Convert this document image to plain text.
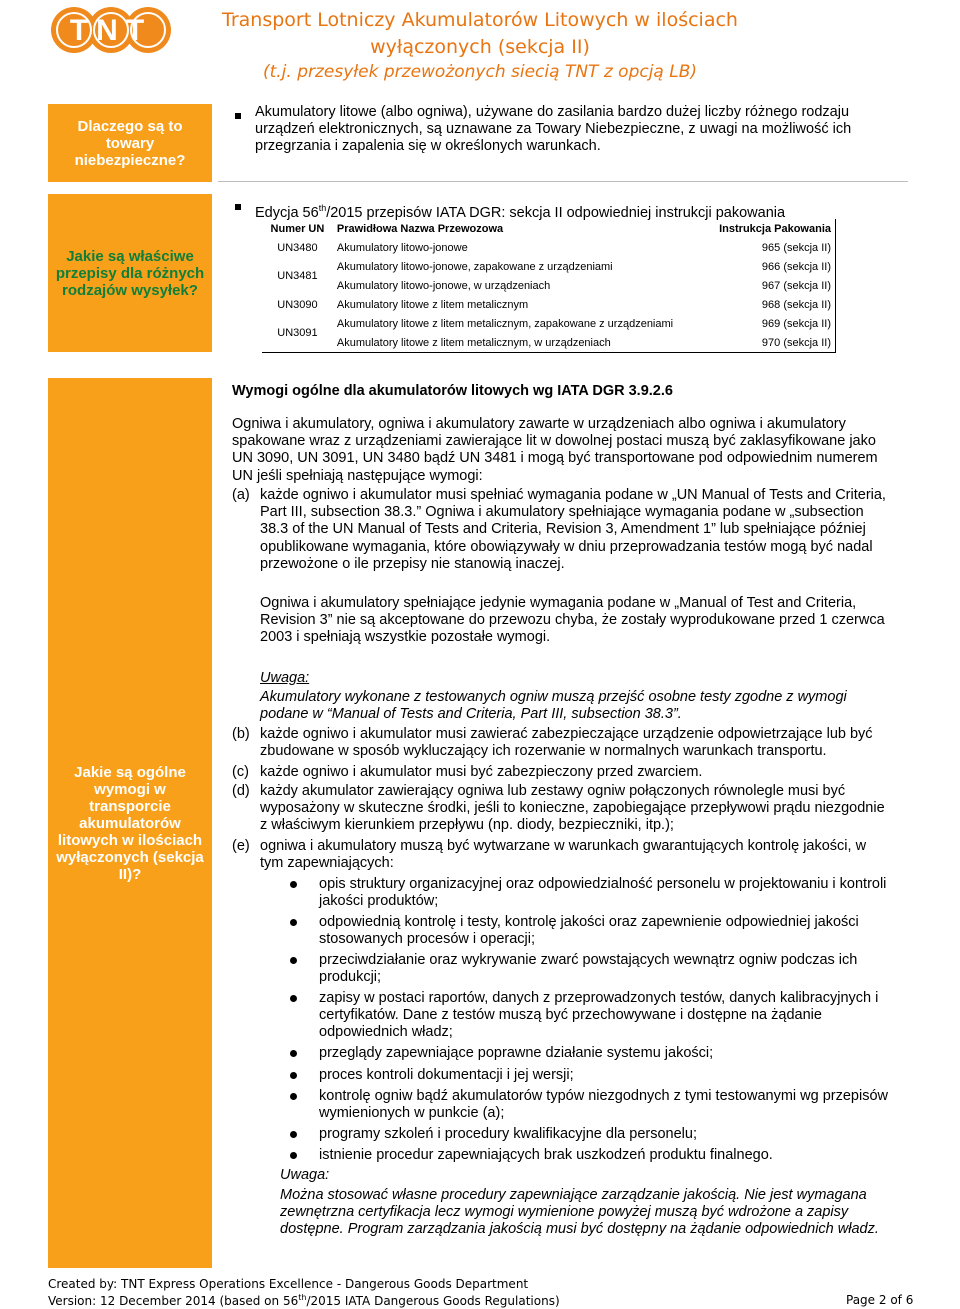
TNT	Transport Lotniczy Akumulatorów Litowych w ilościach
wyłączonych (sekcja II)
(t.j. przesyłek przewożonych siecią TNT z opcją LB)
Dlaczego są to towary niebezpieczne?
Akumulatory litowe (albo ogniwa), używane do zasilania bardzo dużej liczby różnego rodzaju urządzeń elektronicznych, są uznawane za Towary Niebezpieczne, z uwagi na możliwość ich przegrzania i zapalenia się w określonych warunkach.
Jakie są właściwe przepisy dla różnych rodzajów wysyłek?
Edycja 56th/2015 przepisów IATA DGR: sekcja II odpowiedniej instrukcji pakowania
Numer UN	Prawidłowa Nazwa Przewozowa	Instrukcja Pakowania
UN3480	Akumulatory litowo-jonowe	965 (sekcja II)
UN3481	Akumulatory litowo-jonowe, zapakowane z urządzeniami	966 (sekcja II)
	Akumulatory litowo-jonowe, w urządzeniach	967 (sekcja II)
UN3090	Akumulatory litowe z litem metalicznym	968 (sekcja II)
UN3091	Akumulatory litowe z litem metalicznym, zapakowane z urządzeniami	969 (sekcja II)
	Akumulatory litowe z litem metalicznym, w urządzeniach	970 (sekcja II)
Jakie są ogólne wymogi w transporcie akumulatorów litowych w ilościach wyłączonych (sekcja II)?
Wymogi ogólne dla akumulatorów litowych wg IATA DGR 3.9.2.6
Ogniwa i akumulatory, ogniwa i akumulatory zawarte w urządzeniach albo ogniwa i akumulatory spakowane wraz z urządzeniami zawierające lit w dowolnej postaci muszą być zaklasyfikowane jako UN 3090, UN 3091, UN 3480 bądź UN 3481 i mogą być transportowane pod odpowiednim numerem UN jeśli spełniają następujące wymogi:
(a) każde ogniwo i akumulator musi spełniać wymagania podane w „UN Manual of Tests and Criteria, Part III, subsection 38.3.” Ogniwa i akumulatory spełniające wymagania podane w „subsection 38.3 of the UN Manual of Tests and Criteria, Revision 3, Amendment 1” lub spełniające później opublikowane wymagania, które obowiązywały w dniu przeprowadzania testów mogą być nadal przewożone o ile przepisy nie stanowią inaczej.
Ogniwa i akumulatory spełniające jedynie wymagania podane w „Manual of Test and Criteria, Revision 3” nie są akceptowane do przewozu chyba, że zostały wyprodukowane przed 1 czerwca 2003 i spełniają wszystkie pozostałe wymogi.
Uwaga:
Akumulatory wykonane z testowanych ogniw muszą przejść osobne testy zgodne z wymogi podane w “Manual of Tests and Criteria, Part III, subsection 38.3”.
(b) każde ogniwo i akumulator musi zawierać zabezpieczające urządzenie odpowietrzające lub być zbudowane w sposób wykluczający ich rozerwanie w normalnych warunkach transportu.
(c) każde ogniwo i akumulator musi być zabezpieczony przed zwarciem.
(d) każdy akumulator zawierający ogniwa lub zestawy ogniw połączonych równolegle musi być wyposażony w skuteczne środki, jeśli to konieczne, zapobiegające przepływowi prądu niezgodnie z właściwym kierunkiem przepływu (np. diody, bezpieczniki, itp.);
(e) ogniwa i akumulatory muszą być wytwarzane w warunkach gwarantujących kontrolę jakości, w tym zapewniających:
opis struktury organizacyjnej oraz odpowiedzialność personelu w projektowaniu i kontroli jakości produktów;
odpowiednią kontrolę i testy, kontrolę jakości oraz zapewnienie odpowiedniej jakości stosowanych procesów i operacji;
przeciwdziałanie oraz wykrywanie zwarć powstających wewnątrz ogniw podczas ich produkcji;
zapisy w postaci raportów, danych z przeprowadzonych testów, danych kalibracyjnych i certyfikatów. Dane z testów muszą być przechowywane i dostępne na żądanie odpowiednich władz;
przeglądy zapewniające poprawne działanie systemu jakości;
proces kontroli dokumentacji i jej wersji;
kontrolę ogniw bądź akumulatorów typów niezgodnych z tymi testowanymi wg przepisów wymienionych w punkcie (a);
programy szkoleń i procedury kwalifikacyjne dla personelu;
istnienie procedur zapewniających brak uszkodzeń produktu finalnego.
Uwaga:
Można stosować własne procedury zapewniające zarządzanie jakością. Nie jest wymagana zewnętrzna certyfikacja lecz wymogi wymienione powyżej muszą być wdrożone a zapisy dostępne. Program zarządzania jakością musi być dostępny na żądanie odpowiednich władz.
Created by: TNT Express Operations Excellence - Dangerous Goods Department
Version: 12 December 2014 (based on 56th/2015 IATA Dangerous Goods Regulations)	Page 2 of 6
